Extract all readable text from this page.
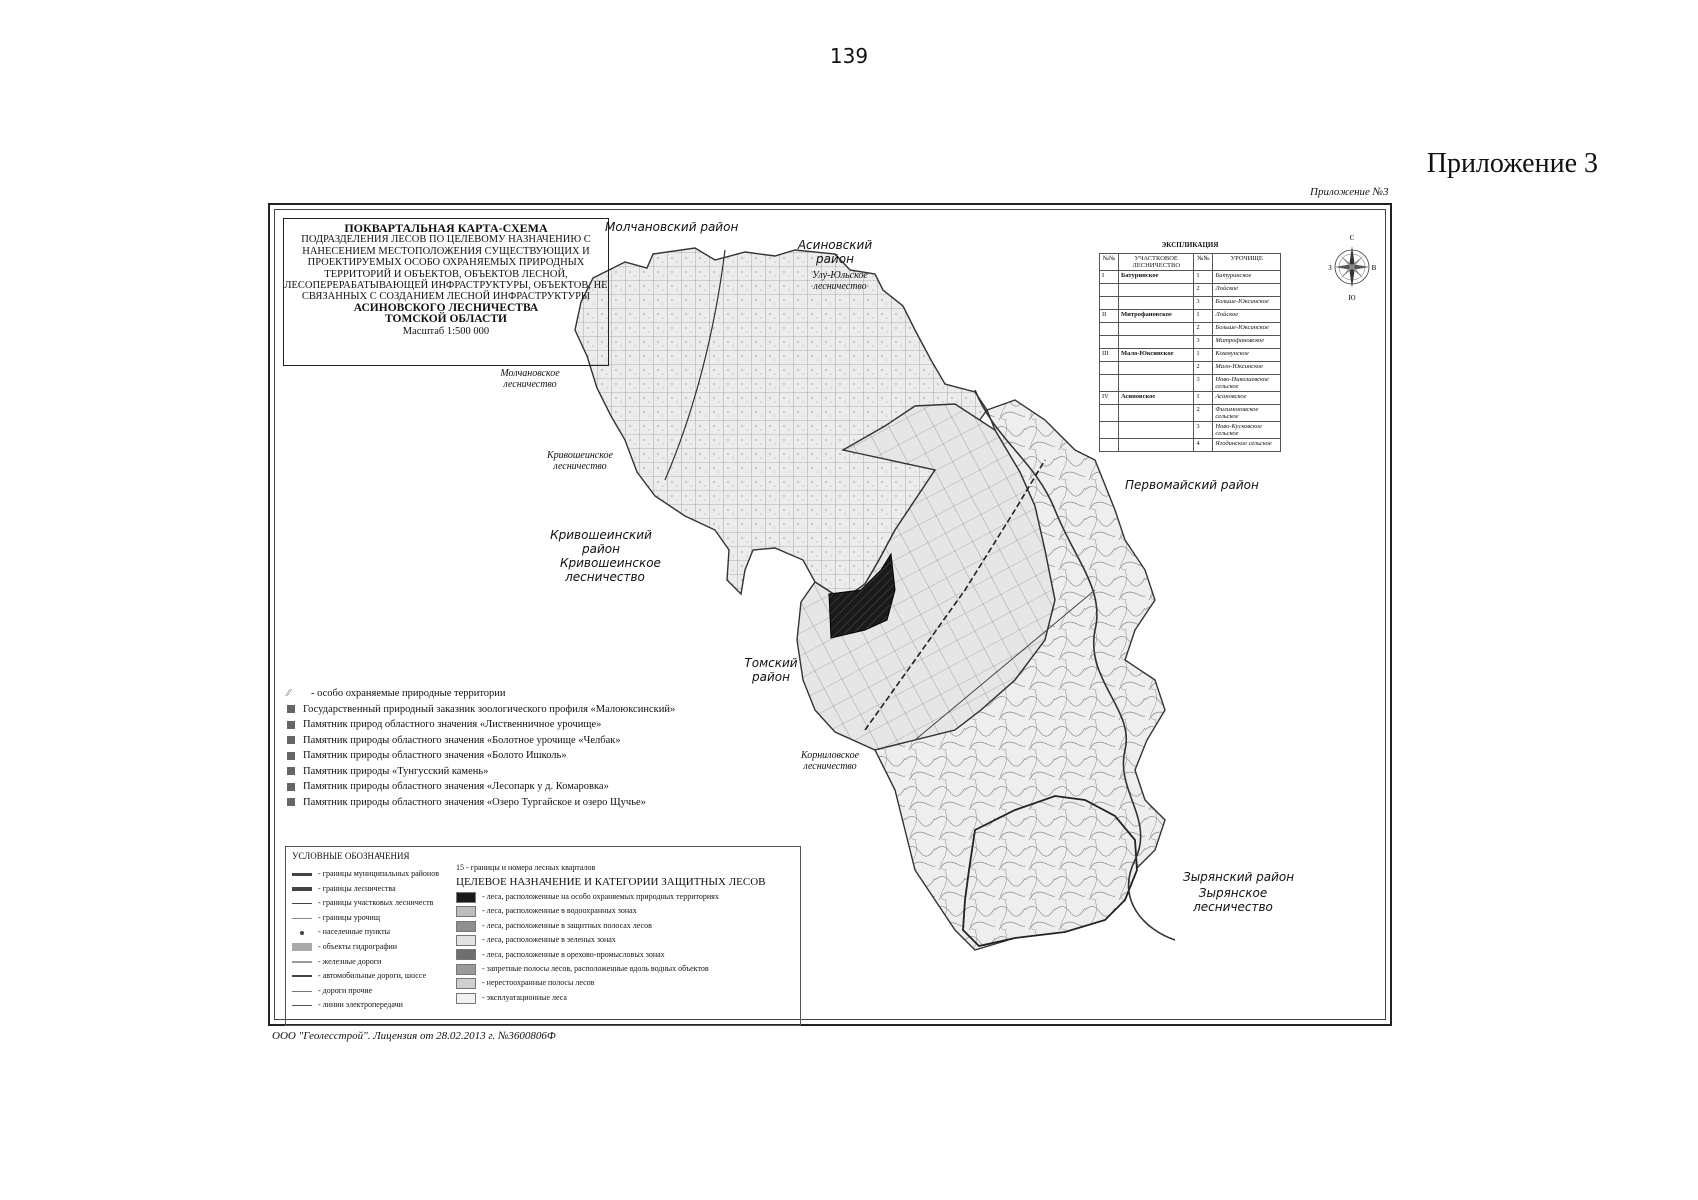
139
Приложение 3
Приложение №3
ПОКВАРТАЛЬНАЯ КАРТА-СХЕМА
ПОДРАЗДЕЛЕНИЯ ЛЕСОВ ПО ЦЕЛЕВОМУ НАЗНАЧЕНИЮ С НАНЕСЕНИЕМ МЕСТОПОЛОЖЕНИЯ СУЩЕСТВУЮЩИХ И ПРОЕКТИРУЕМЫХ ОСОБО ОХРАНЯЕМЫХ ПРИРОДНЫХ ТЕРРИТОРИЙ И ОБЪЕКТОВ, ОБЪЕКТОВ ЛЕСНОЙ, ЛЕСОПЕРЕРАБАТЫВАЮЩЕЙ ИНФРАСТРУКТУРЫ, ОБЪЕКТОВ, НЕ СВЯЗАННЫХ С СОЗДАНИЕМ ЛЕСНОЙ ИНФРАСТРУКТУРЫ
АСИНОВСКОГО ЛЕСНИЧЕСТВА
ТОМСКОЙ ОБЛАСТИ
Масштаб 1:500 000
Молчановский район
Асиновский район
Улу-Юльское лесничество
Молчановское лесничество
Кривошеинское лесничество
Кривошеинский район
Кривошеинское лесничество
Первомайский район
Томский район
Корниловское лесничество
Зырянский район
Зырянское лесничество
⁄⁄	- особо охраняемые природные территории
Государственный природный заказник зоологического профиля «Малоюксинский»
Памятник природ областного значения «Лиственничное урочище»
Памятник природы областного значения «Болотное урочище «Челбак»
Памятник природы областного значения «Болото Ишколь»
Памятник природы «Тунгусский камень»
Памятник природы областного значения «Лесопарк у д. Комаровка»
Памятник природы областного значения «Озеро Тургайское и озеро Щучье»
УСЛОВНЫЕ ОБОЗНАЧЕНИЯ
- границы муниципальных районов
- границы лесничества
- границы участковых лесничеств
- границы урочищ
- населенные пункты
- объекты гидрографии
- железные дороги
- автомобильные дороги, шоссе
- дороги прочие
- линии электропередачи
15 - границы и номера лесных кварталов
ЦЕЛЕВОЕ НАЗНАЧЕНИЕ И КАТЕГОРИИ ЗАЩИТНЫХ ЛЕСОВ
- леса, расположенные на особо охраняемых природных территориях
- леса, расположенные в водоохранных зонах
- леса, расположенные в защитных полосах лесов
- леса, расположенные в зеленых зонах
- леса, расположенные в орехово-промысловых зонах
- запретные полосы лесов, расположенные вдоль водных объектов
- нерестоохранные полосы лесов
- эксплуатационные леса
ЭКСПЛИКАЦИЯ
№№	УЧАСТКОВОЕ ЛЕСНИЧЕСТВО	№№	УРОЧИЩЕ
I	Батуринское	1	Батуринское
		2	Лойское
		3	Больше-Юксинское
II	Митрофановское	1	Лойское
		2	Больше-Юксинское
		3	Митрофановское
III	Мало-Юксинское	1	Коммунское
		2	Мало-Юксинское
		3	Ново-Николаевское сельское
IV	Асиновское	1	Асиновское
		2	Филимоновское сельское
		3	Ново-Кусковское сельское
		4	Ягодинское сельское
С
Ю
З	В
ООО "Геолесстрой". Лицензия от 28.02.2013 г. №3600806Ф
